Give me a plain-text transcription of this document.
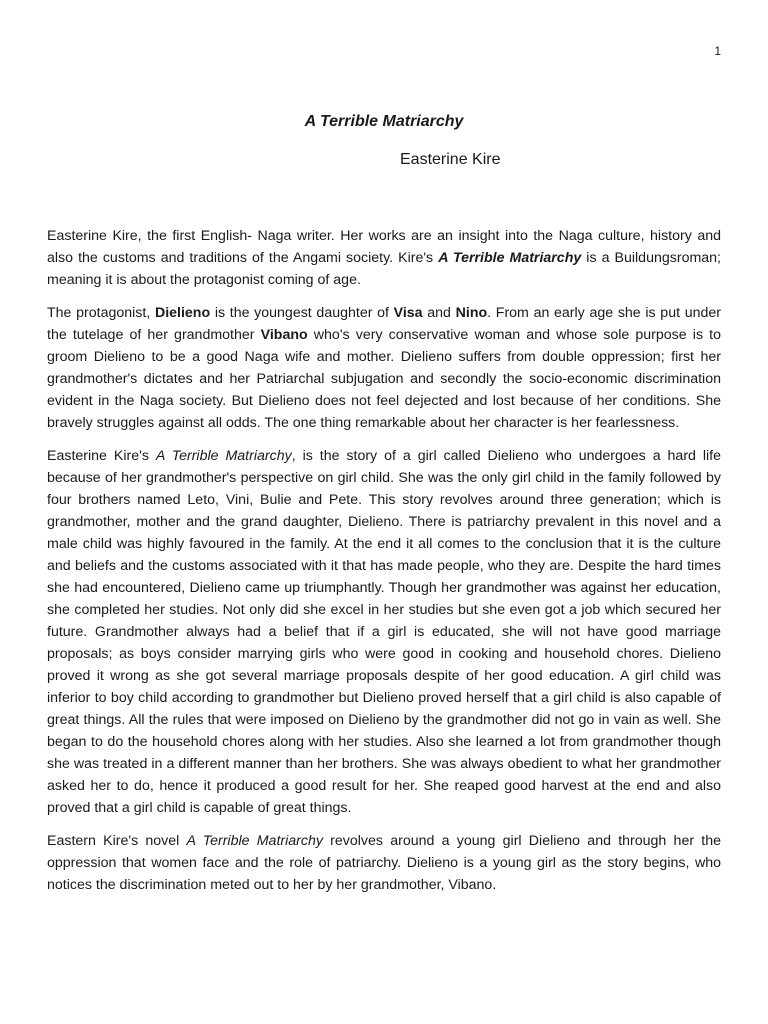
1
A Terrible Matriarchy
Easterine Kire

Easterine Kire, the first English- Naga writer. Her works are an insight into the Naga culture, history and also the customs and traditions of the Angami society. Kire's A Terrible Matriarchy is a Buildungsroman; meaning it is about the protagonist coming of age.

The protagonist, Dielieno is the youngest daughter of Visa and Nino. From an early age she is put under the tutelage of her grandmother Vibano who's very conservative woman and whose sole purpose is to groom Dielieno to be a good Naga wife and mother. Dielieno suffers from double oppression; first her grandmother's dictates and her Patriarchal subjugation and secondly the socio-economic discrimination evident in the Naga society. But Dielieno does not feel dejected and lost because of her conditions. She bravely struggles against all odds. The one thing remarkable about her character is her fearlessness.

Easterine Kire's A Terrible Matriarchy, is the story of a girl called Dielieno who undergoes a hard life because of her grandmother's perspective on girl child. She was the only girl child in the family followed by four brothers named Leto, Vini, Bulie and Pete. This story revolves around three generation; which is grandmother, mother and the grand daughter, Dielieno. There is patriarchy prevalent in this novel and a male child was highly favoured in the family. At the end it all comes to the conclusion that it is the culture and beliefs and the customs associated with it that has made people, who they are. Despite the hard times she had encountered, Dielieno came up triumphantly. Though her grandmother was against her education, she completed her studies. Not only did she excel in her studies but she even got a job which secured her future. Grandmother always had a belief that if a girl is educated, she will not have good marriage proposals; as boys consider marrying girls who were good in cooking and household chores. Dielieno proved it wrong as she got several marriage proposals despite of her good education. A girl child was inferior to boy child according to grandmother but Dielieno proved herself that a girl child is also capable of great things. All the rules that were imposed on Dielieno by the grandmother did not go in vain as well. She began to do the household chores along with her studies. Also she learned a lot from grandmother though she was treated in a different manner than her brothers. She was always obedient to what her grandmother asked her to do, hence it produced a good result for her. She reaped good harvest at the end and also proved that a girl child is capable of great things.

Eastern Kire's novel A Terrible Matriarchy revolves around a young girl Dielieno and through her the oppression that women face and the role of patriarchy. Dielieno is a young girl as the story begins, who notices the discrimination meted out to her by her grandmother, Vibano.
